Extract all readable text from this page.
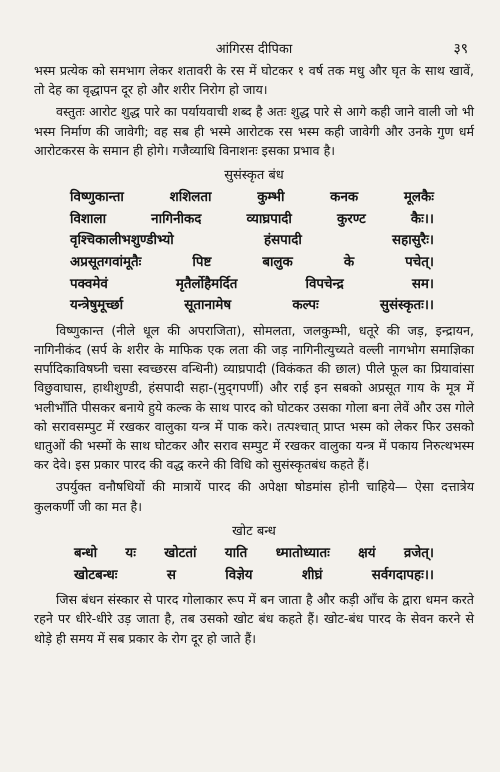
आंगिरस दीपिका	३९

भस्म प्रत्येक को समभाग लेकर शतावरी के रस में घोटकर १ वर्ष तक मधु और घृत के साथ खावें, तो देह का वृद्धापन दूर हो और शरीर निरोग हो जाय।

वस्तुतः आरोट शुद्ध पारे का पर्यायवाची शब्द है अतः शुद्ध पारे से आगे कही जाने वाली जो भी भस्म निर्माण की जावेगी; वह सब ही भस्मे आरोटक रस भस्म कही जावेगी और उनके गुण धर्म आरोटकरस के समान ही होगे। गजैव्याधि विनाशनः इसका प्रभाव है।

सुसंस्कृत बंध
विष्णुकान्ता शशिलता कुम्भी कनक मूलकैः
विशाला नागिनीकद व्याघ्रपादी कुरण्ट कैः।।
वृश्चिकालीभशुण्डीभ्यो हंसपादी सहासुरैः।
अप्रसूतगवांमूतैः पिष्ट बालुक के पचेत्।
पक्वमेवं मृतैर्लोहैमर्दित विपचेन्द्र सम।
यन्त्रेषुमूर्च्छा सूतानामेष कल्पः सुसंस्कृतः।।

विष्णुकान्त (नीले धूल की अपराजिता), सोमलता, जलकुम्भी, धतूरे की जड़, इन्द्रायन, नागिनीकंद (सर्प के शरीर के माफिक एक लता की जड़ नागिनीत्युच्यते वल्ली नागभोग समाज्ञिका सर्पादिकाविषघ्नी चसा स्वच्छरस वन्धिनी) व्याघ्रपादी (विकंकत की छाल) पीले फूल का प्रियावांसा विछुवाघास, हाथीशुण्डी, हंसपादी सहा-(मुद्‌गपर्णी) और राई इन सबको अप्रसूत गाय के मूत्र में भलीभाँति पीसकर बनाये हुये कल्क के साथ पारद को घोटकर उसका गोला बना लेवें और उस गोले को सरावसम्पुट में रखकर वालुका यन्त्र में पाक करे। तत्पश्चात् प्राप्त भस्म को लेकर फिर उसको धातुओं की भस्मों के साथ घोटकर और सराव सम्पुट में रखकर वालुका यन्त्र में पकाय निरुत्थभस्म कर देवे। इस प्रकार पारद की वद्ध करने की विधि को सुसंस्कृतबंध कहते हैं।

उपर्युक्त वनौषधियों की मात्रायें पारद की अपेक्षा षोडमांस होनी चाहिये— ऐसा दत्तात्रेय कुलकर्णी जी का मत है।

खोट बन्ध
बन्धो यः खोटतां याति ध्मातोध्यातः क्षयं व्रजेत्।
खोटबन्धः स विज्ञेय शीघ्रं सर्वगदापहः।।

जिस बंधन संस्कार से पारद गोलाकार रूप में बन जाता है और कड़ी आँच के द्वारा धमन करते रहने पर धीरे-धीरे उड़ जाता है, तब उसको खोट बंध कहते हैं। खोट-बंध पारद के सेवन करने से थोड़े ही समय में सब प्रकार के रोग दूर हो जाते हैं।
